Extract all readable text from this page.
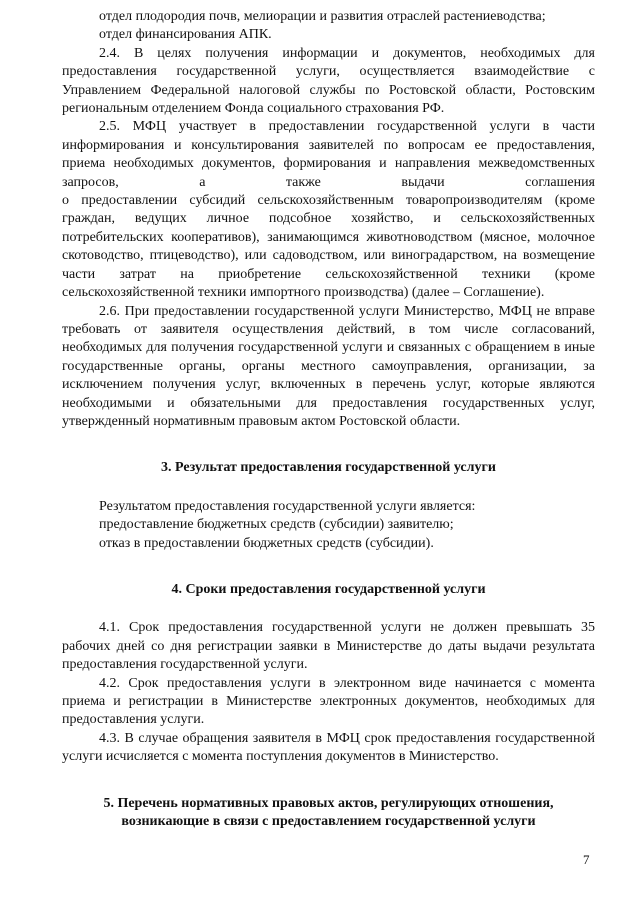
отдел плодородия почв, мелиорации и развития отраслей растениеводства;

отдел финансирования АПК.

2.4. В целях получения информации и документов, необходимых для предоставления государственной услуги, осуществляется взаимодействие с Управлением Федеральной налоговой службы по Ростовской области, Ростовским региональным отделением Фонда социального страхования РФ.

2.5. МФЦ участвует в предоставлении государственной услуги в части информирования и консультирования заявителей по вопросам ее предоставления, приема необходимых документов, формирования и направления межведомственных запросов, а также выдачи соглашения

о предоставлении субсидий сельскохозяйственным товаропроизводителям (кроме граждан, ведущих личное подсобное хозяйство, и сельскохозяйственных потребительских кооперативов), занимающимся животноводством (мясное, молочное скотоводство, птицеводство), или садоводством, или виноградарством, на возмещение части затрат на приобретение сельскохозяйственной техники (кроме сельскохозяйственной техники импортного производства) (далее – Соглашение).

2.6. При предоставлении государственной услуги Министерство, МФЦ не вправе требовать от заявителя осуществления действий, в том числе согласований, необходимых для получения государственной услуги и связанных с обращением в иные государственные органы, органы местного самоуправления, организации, за исключением получения услуг, включенных в перечень услуг, которые являются необходимыми и обязательными для предоставления государственных услуг, утвержденный нормативным правовым актом Ростовской области.

3. Результат предоставления государственной услуги

Результатом предоставления государственной услуги является:

предоставление бюджетных средств (субсидии) заявителю;

отказ в предоставлении бюджетных средств (субсидии).

4. Сроки предоставления государственной услуги

4.1. Срок предоставления государственной услуги не должен превышать 35 рабочих дней со дня регистрации заявки в Министерстве до даты выдачи результата предоставления государственной услуги.

4.2. Срок предоставления услуги в электронном виде начинается с момента приема и регистрации в Министерстве электронных документов, необходимых для предоставления услуги.

4.3. В случае обращения заявителя в МФЦ срок предоставления государственной услуги исчисляется с момента поступления документов в Министерство.

5. Перечень нормативных правовых актов, регулирующих отношения,

возникающие в связи с предоставлением государственной услуги

7
